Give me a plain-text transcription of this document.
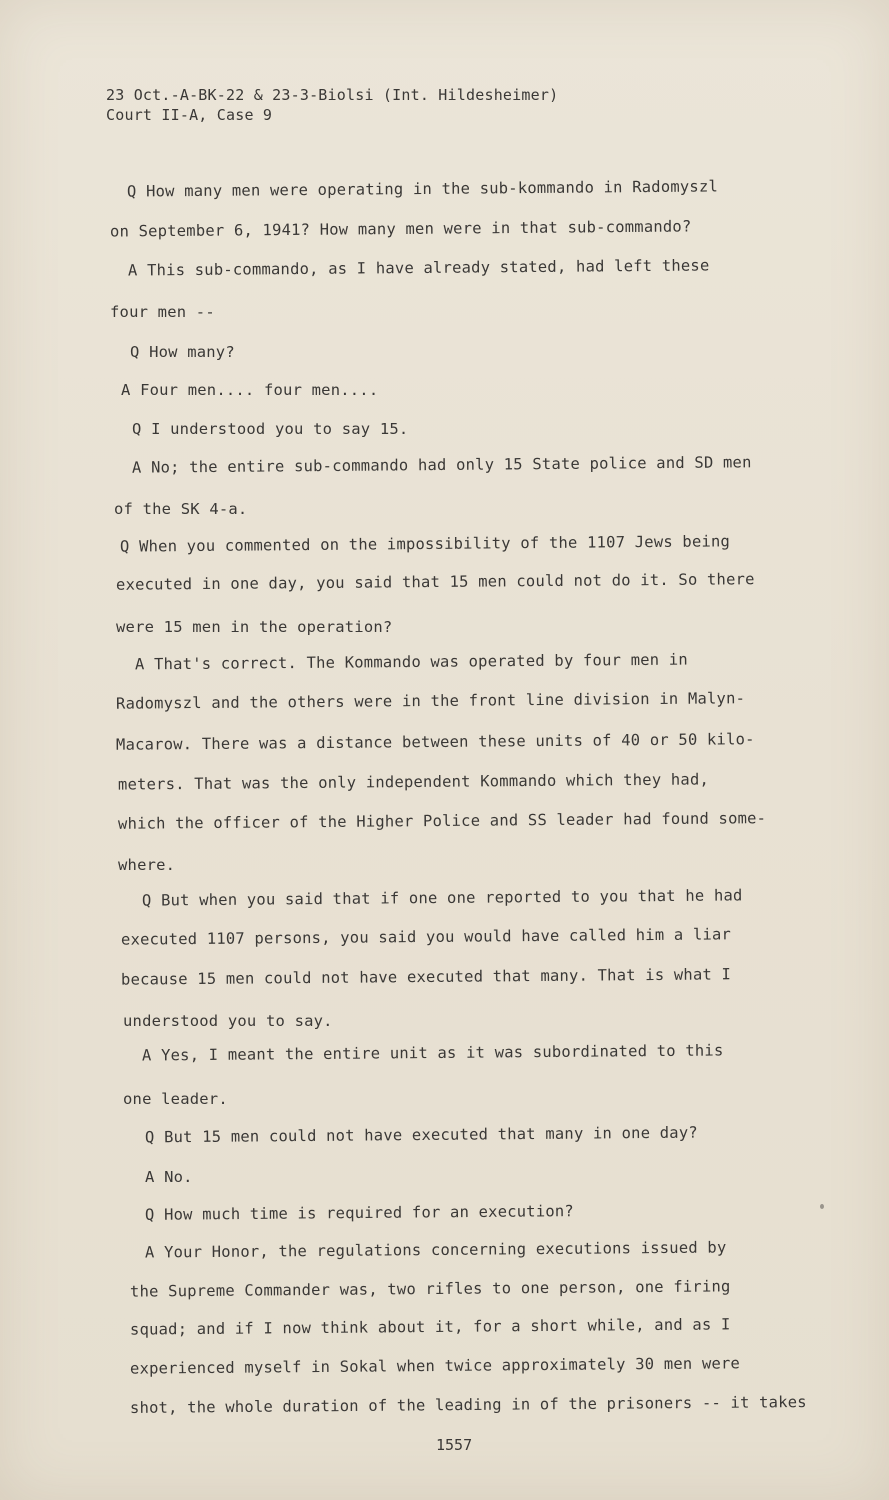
23 Oct.-A-BK-22 & 23-3-Biolsi (Int. Hildesheimer)
Court II-A, Case 9
Q How many men were operating in the sub-kommando in Radomyszl
on September 6, 1941? How many men were in that sub-commando?
A This sub-commando, as I have already stated, had left these
four men --
Q How many?
A Four men.... four men....
Q I understood you to say 15.
A No; the entire sub-commando had only 15 State police and SD men
of the SK 4-a.
Q When you commented on the impossibility of the 1107 Jews being
executed in one day, you said that 15 men could not do it. So there
were 15 men in the operation?
A That's correct. The Kommando was operated by four men in
Radomyszl and the others were in the front line division in Malyn-
Macarow. There was a distance between these units of 40 or 50 kilo-
meters. That was the only independent Kommando which they had,
which the officer of the Higher Police and SS leader had found some-
where.
Q But when you said that if one one reported to you that he had
executed 1107 persons, you said you would have called him a liar
because 15 men could not have executed that many. That is what I
understood you to say.
A Yes, I meant the entire unit as it was subordinated to this
one leader.
Q But 15 men could not have executed that many in one day?
A No.
Q How much time is required for an execution?
A Your Honor, the regulations concerning executions issued by
the Supreme Commander was, two rifles to one person, one firing
squad; and if I now think about it, for a short while, and as I
experienced myself in Sokal when twice approximately 30 men were
shot, the whole duration of the leading in of the prisoners -- it takes
1557
